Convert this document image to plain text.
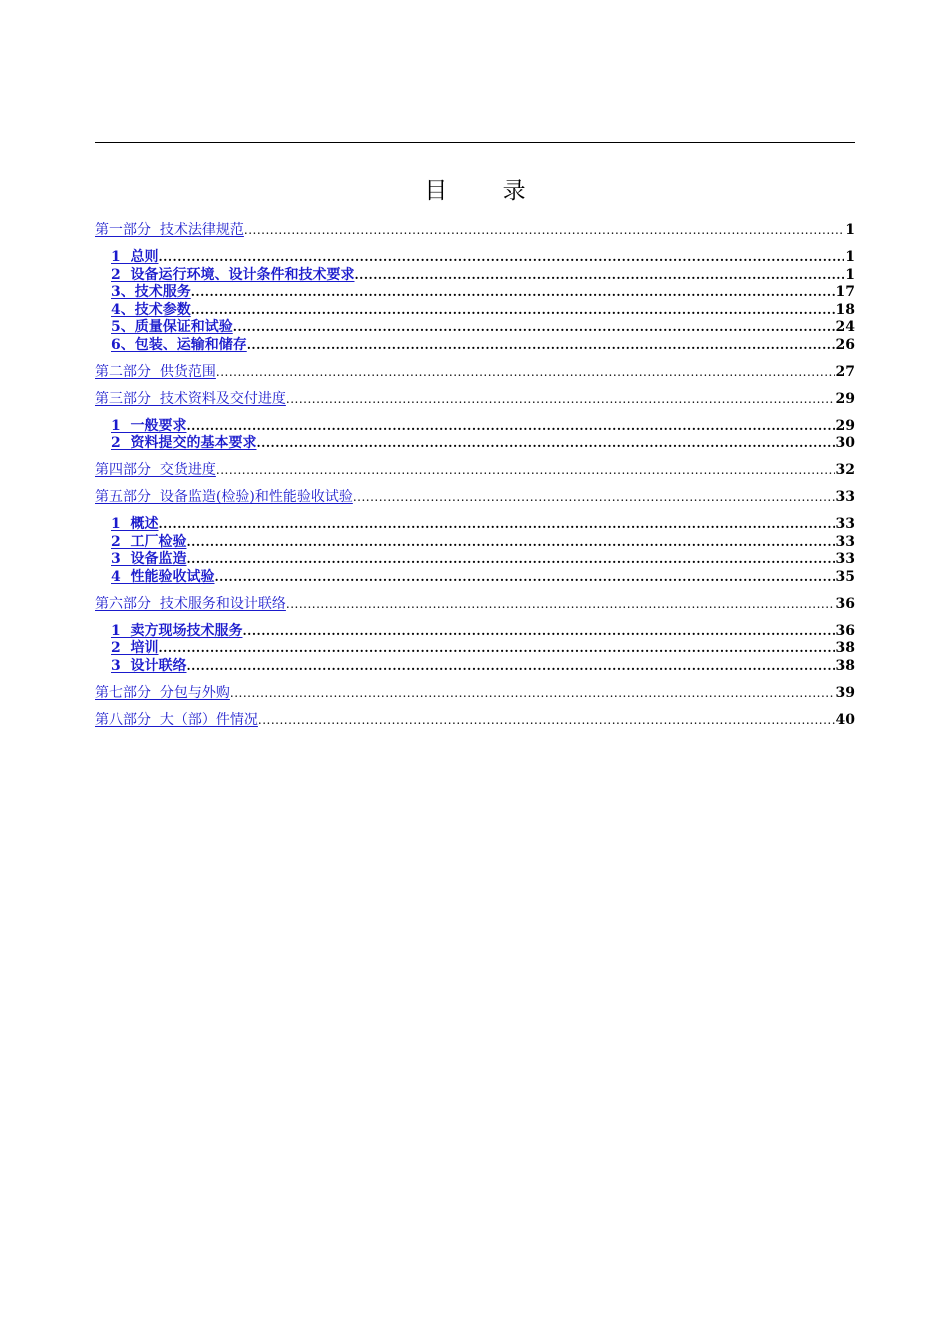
目 录
第一部分  技术法律规范 .....	1
1  总则 .....	1
2  设备运行环境、设计条件和技术要求 .....	1
3、技术服务 .....	17
4、技术参数 .....	18
5、质量保证和试验 .....	24
6、包装、运输和储存 .....	26
第二部分  供货范围 .....	27
第三部分  技术资料及交付进度 .....	29
1  一般要求 .....	29
2  资料提交的基本要求 .....	30
第四部分  交货进度 .....	32
第五部分  设备监造(检验)和性能验收试验 .....	33
1  概述 .....	33
2  工厂检验 .....	33
3  设备监造 .....	33
4  性能验收试验 .....	35
第六部分  技术服务和设计联络 .....	36
1  卖方现场技术服务 .....	36
2  培训 .....	38
3  设计联络 .....	38
第七部分  分包与外购 .....	39
第八部分  大（部）件情况 .....	40
